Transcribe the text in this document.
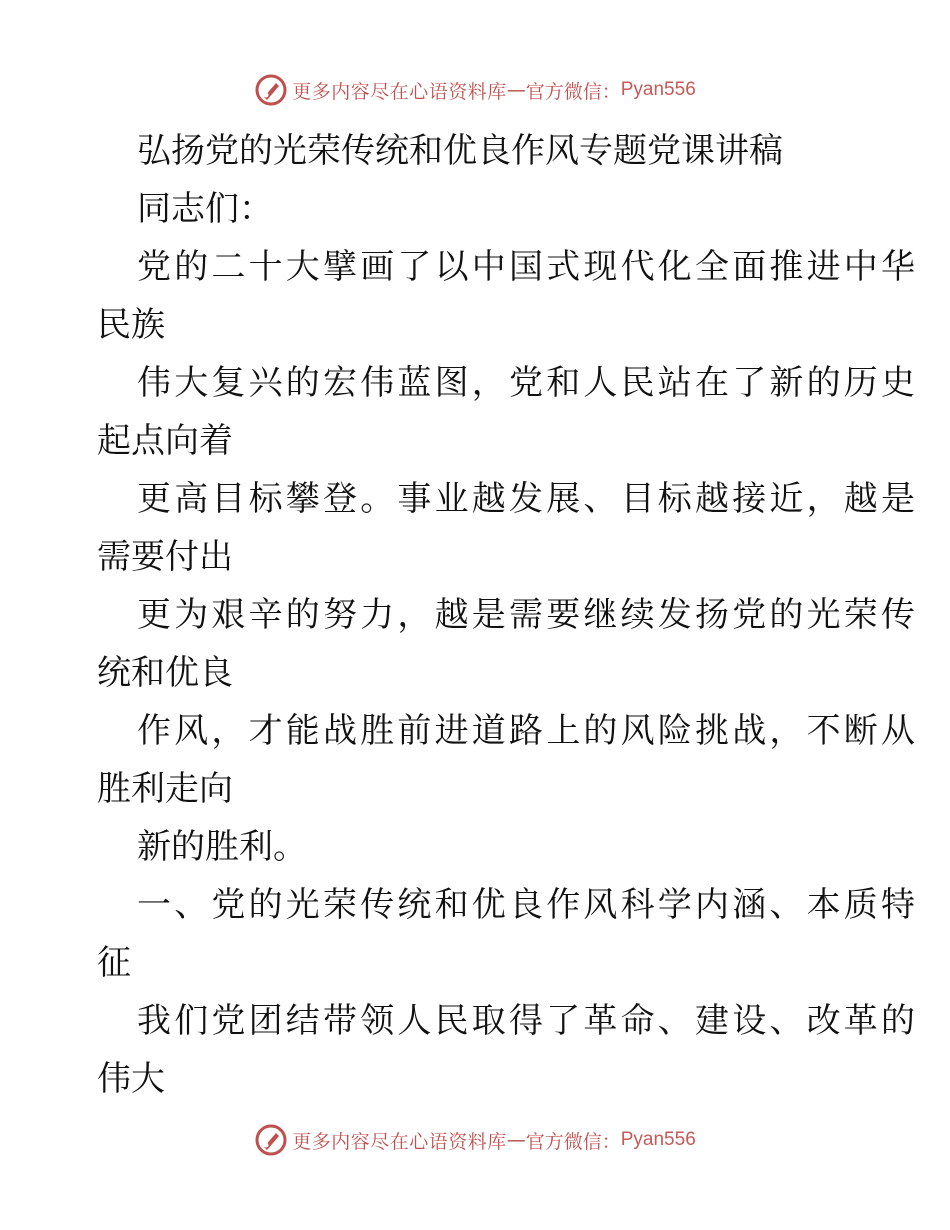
更多内容尽在心语资料库 — 官方微信： Pyan556
弘扬党的光荣传统和优良作风专题党课讲稿
同志们：
党的二十大擘画了以中国式现代化全面推进中华
民族
伟大复兴的宏伟蓝图，党和人民站在了新的历史
起点向着
更高目标攀登。事业越发展、目标越接近，越是
需要付出
更为艰辛的努力，越是需要继续发扬党的光荣传
统和优良
作风，才能战胜前进道路上的风险挑战，不断从
胜利走向
新的胜利。
一、党的光荣传统和优良作风科学内涵、本质特
征
我们党团结带领人民取得了革命、建设、改革的
伟大
更多内容尽在心语资料库 — 官方微信： Pyan556
